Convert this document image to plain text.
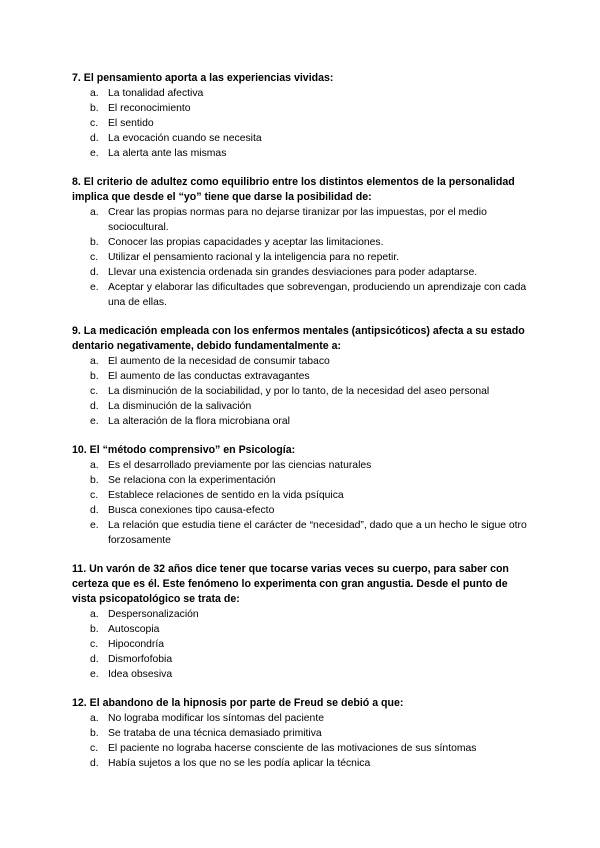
7. El pensamiento aporta a las experiencias vividas:

a. La tonalidad afectiva
b. El reconocimiento
c. El sentido
d. La evocación cuando se necesita
e. La alerta ante las mismas

8. El criterio de adultez como equilibrio entre los distintos elementos de la personalidad implica que desde el “yo” tiene que darse la posibilidad de:

a. Crear las propias normas para no dejarse tiranizar por las impuestas, por el medio sociocultural.
b. Conocer las propias capacidades y aceptar las limitaciones.
c. Utilizar el pensamiento racional y la inteligencia para no repetir.
d. Llevar una existencia ordenada sin grandes desviaciones para poder adaptarse.
e. Aceptar y elaborar las dificultades que sobrevengan, produciendo un aprendizaje con cada una de ellas.

9. La medicación empleada con los enfermos mentales (antipsicóticos) afecta a su estado dentario negativamente, debido fundamentalmente a:

a. El aumento de la necesidad de consumir tabaco
b. El aumento de las conductas extravagantes
c. La disminución de la sociabilidad, y por lo tanto, de la necesidad del aseo personal
d. La disminución de la salivación
e. La alteración de la flora microbiana oral

10. El “método comprensivo” en Psicología:

a. Es el desarrollado previamente por las ciencias naturales
b. Se relaciona con la experimentación
c. Establece relaciones de sentido en la vida psíquica
d. Busca conexiones tipo causa-efecto
e. La relación que estudia tiene el carácter de “necesidad”, dado que a un hecho le sigue otro forzosamente

11. Un varón de 32 años dice tener que tocarse varias veces su cuerpo, para saber con certeza que es él. Este fenómeno lo experimenta con gran angustia. Desde el punto de vista psicopatológico se trata de:

a. Despersonalización
b. Autoscopia
c. Hipocondría
d. Dismorfofobia
e. Idea obsesiva

12. El abandono de la hipnosis por parte de Freud se debió a que:

a. No lograba modificar los síntomas del paciente
b. Se trataba de una técnica demasiado primitiva
c. El paciente no lograba hacerse consciente de las motivaciones de sus síntomas
d. Había sujetos a los que no se les podía aplicar la técnica
